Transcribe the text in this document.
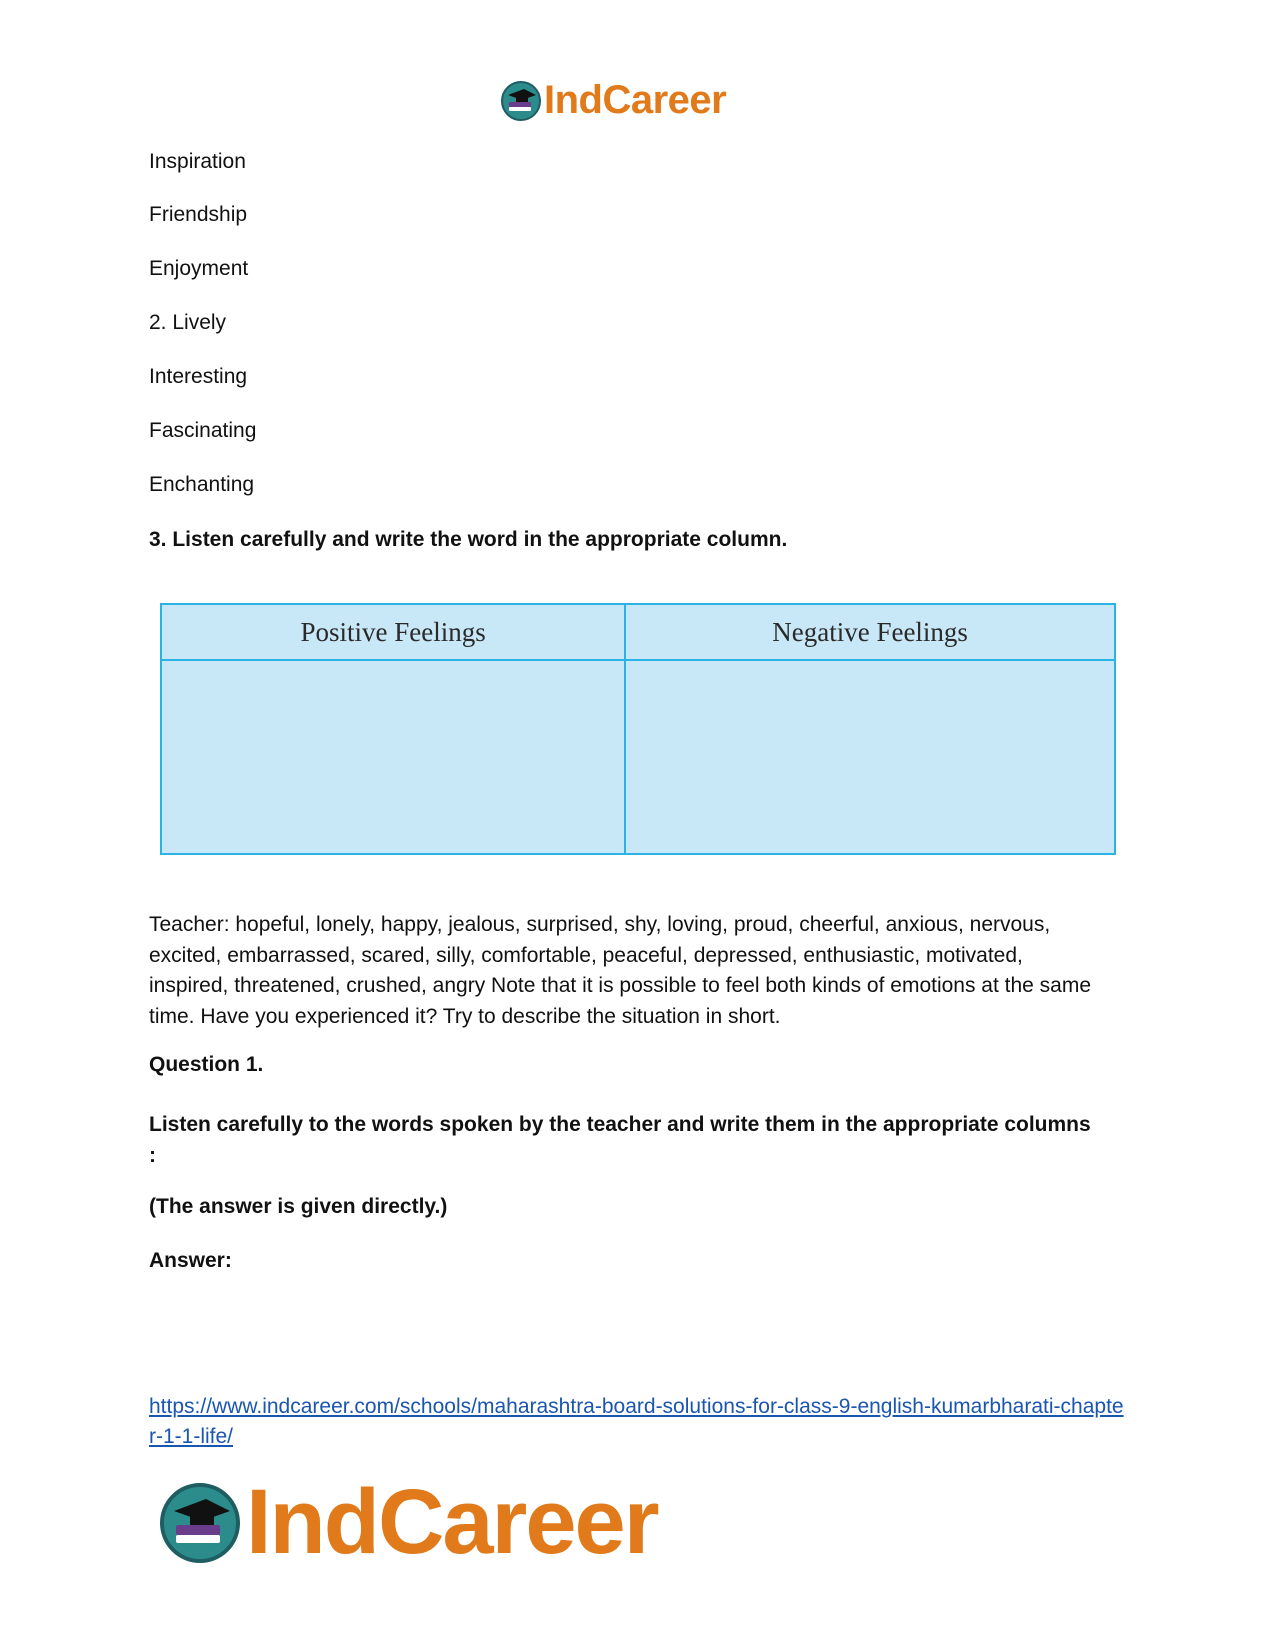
IndCareer

Inspiration

Friendship

Enjoyment

2. Lively

Interesting

Fascinating

Enchanting

3. Listen carefully and write the word in the appropriate column.

Positive Feelings	Negative Feelings

Teacher: hopeful, lonely, happy, jealous, surprised, shy, loving, proud, cheerful, anxious, nervous, excited, embarrassed, scared, silly, comfortable, peaceful, depressed, enthusiastic, motivated, inspired, threatened, crushed, angry Note that it is possible to feel both kinds of emotions at the same time. Have you experienced it? Try to describe the situation in short.

Question 1.

Listen carefully to the words spoken by the teacher and write them in the appropriate columns :

(The answer is given directly.)

Answer:

https://www.indcareer.com/schools/maharashtra-board-solutions-for-class-9-english-kumarbharati-chapter-1-1-life/
IndCareer
